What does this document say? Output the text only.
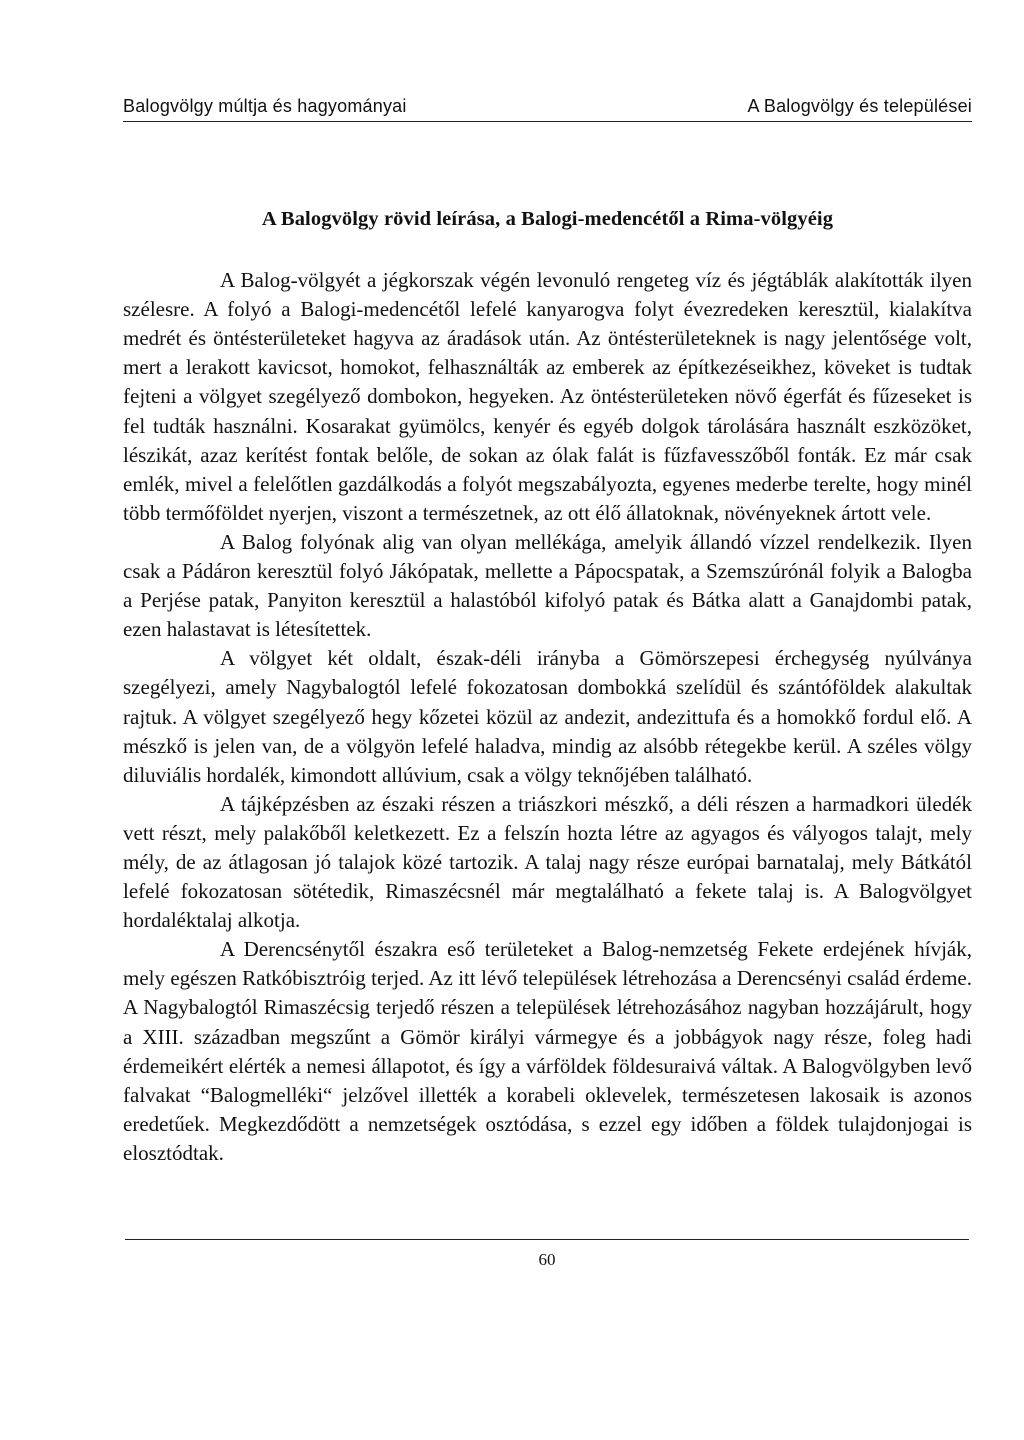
Balogvölgy múltja és hagyományai	A Balogvölgy és települései
A Balogvölgy rövid leírása, a Balogi-medencétől a Rima-völgyéig

A Balog-völgyét a jégkorszak végén levonuló rengeteg víz és jégtáblák alakították ilyen szélesre. A folyó a Balogi-medencétől lefelé kanyarogva folyt évezredeken keresztül, kialakítva medrét és öntésterületeket hagyva az áradások után. Az öntésterületeknek is nagy jelentősége volt, mert a lerakott kavicsot, homokot, felhasználták az emberek az építkezéseikhez, köveket is tudtak fejteni a völgyet szegélyező dombokon, hegyeken. Az öntésterületeken növő égerfát és fűzeseket is fel tudták használni. Kosarakat gyümölcs, kenyér és egyéb dolgok tárolására használt eszközöket, lészikát, azaz kerítést fontak belőle, de sokan az ólak falát is fűzfavesszőből fonták. Ez már csak emlék, mivel a felelőtlen gazdálkodás a folyót megszabályozta, egyenes mederbe terelte, hogy minél több termőföldet nyerjen, viszont a természetnek, az ott élő állatoknak, növényeknek ártott vele.

A Balog folyónak alig van olyan mellékága, amelyik állandó vízzel rendelkezik. Ilyen csak a Pádáron keresztül folyó Jákópatak, mellette a Pápocspatak, a Szemszúrónál folyik a Balogba a Perjése patak, Panyiton keresztül a halastóból kifolyó patak és Bátka alatt a Ganajdombi patak, ezen halastavat is létesítettek.

A völgyet két oldalt, észak-déli irányba a Gömörszepesi érchegység nyúlványa szegélyezi, amely Nagybalogtól lefelé fokozatosan dombokká szelídül és szántóföldek alakultak rajtuk. A völgyet szegélyező hegy kőzetei közül az andezit, andezittufa és a homokkő fordul elő. A mészkő is jelen van, de a völgyön lefelé haladva, mindig az alsóbb rétegekbe kerül. A széles völgy diluviális hordalék, kimondott allúvium, csak a völgy teknőjében található.

A tájképzésben az északi részen a triászkori mészkő, a déli részen a harmadkori üledék vett részt, mely palakőből keletkezett. Ez a felszín hozta létre az agyagos és vályogos talajt, mely mély, de az átlagosan jó talajok közé tartozik. A talaj nagy része európai barnatalaj, mely Bátkától lefelé fokozatosan sötétedik, Rimaszécsnél már megtalálható a fekete talaj is. A Balogvölgyet hordaléktalaj alkotja.

A Derencsénytől északra eső területeket a Balog-nemzetség Fekete erdejének hívják, mely egészen Ratkóbisztróig terjed. Az itt lévő települések létrehozása a Derencsényi család érdeme. A Nagybalogtól Rimaszécsig terjedő részen a települések létrehozásához nagyban hozzájárult, hogy a XIII. században megszűnt a Gömör királyi vármegye és a jobbágyok nagy része, foleg hadi érdemeikért elérték a nemesi állapotot, és így a várföldek földesuraivá váltak. A Balogvölgyben levő falvakat “Balogmelléki“ jelzővel illették a korabeli oklevelek, természetesen lakosaik is azonos eredetűek. Megkezdődött a nemzetségek osztódása, s ezzel egy időben a földek tulajdonjogai is elosztódtak.

60
